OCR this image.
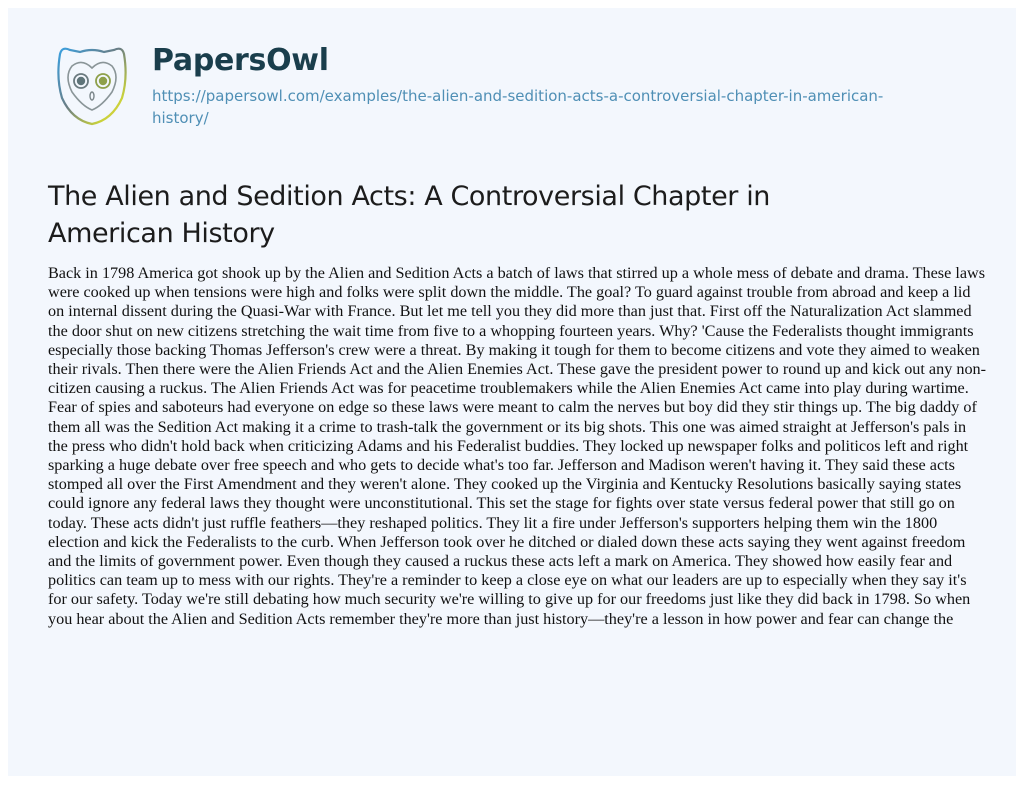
PapersOwl
https://papersowl.com/examples/the-alien-and-sedition-acts-a-controversial-chapter-in-american-history/
The Alien and Sedition Acts: A Controversial Chapter in American History

Back in 1798 America got shook up by the Alien and Sedition Acts a batch of laws that stirred up a whole mess of debate and drama. These laws were cooked up when tensions were high and folks were split down the middle. The goal? To guard against trouble from abroad and keep a lid on internal dissent during the Quasi-War with France. But let me tell you they did more than just that. First off the Naturalization Act slammed the door shut on new citizens stretching the wait time from five to a whopping fourteen years. Why? 'Cause the Federalists thought immigrants especially those backing Thomas Jefferson's crew were a threat. By making it tough for them to become citizens and vote they aimed to weaken their rivals. Then there were the Alien Friends Act and the Alien Enemies Act. These gave the president power to round up and kick out any non-citizen causing a ruckus. The Alien Friends Act was for peacetime troublemakers while the Alien Enemies Act came into play during wartime. Fear of spies and saboteurs had everyone on edge so these laws were meant to calm the nerves but boy did they stir things up. The big daddy of them all was the Sedition Act making it a crime to trash-talk the government or its big shots. This one was aimed straight at Jefferson's pals in the press who didn't hold back when criticizing Adams and his Federalist buddies. They locked up newspaper folks and politicos left and right sparking a huge debate over free speech and who gets to decide what's too far. Jefferson and Madison weren't having it. They said these acts stomped all over the First Amendment and they weren't alone. They cooked up the Virginia and Kentucky Resolutions basically saying states could ignore any federal laws they thought were unconstitutional. This set the stage for fights over state versus federal power that still go on today. These acts didn't just ruffle feathers—they reshaped politics. They lit a fire under Jefferson's supporters helping them win the 1800 election and kick the Federalists to the curb. When Jefferson took over he ditched or dialed down these acts saying they went against freedom and the limits of government power. Even though they caused a ruckus these acts left a mark on America. They showed how easily fear and politics can team up to mess with our rights. They're a reminder to keep a close eye on what our leaders are up to especially when they say it's for our safety. Today we're still debating how much security we're willing to give up for our freedoms just like they did back in 1798. So when you hear about the Alien and Sedition Acts remember they're more than just history—they're a lesson in how power and fear can change the
